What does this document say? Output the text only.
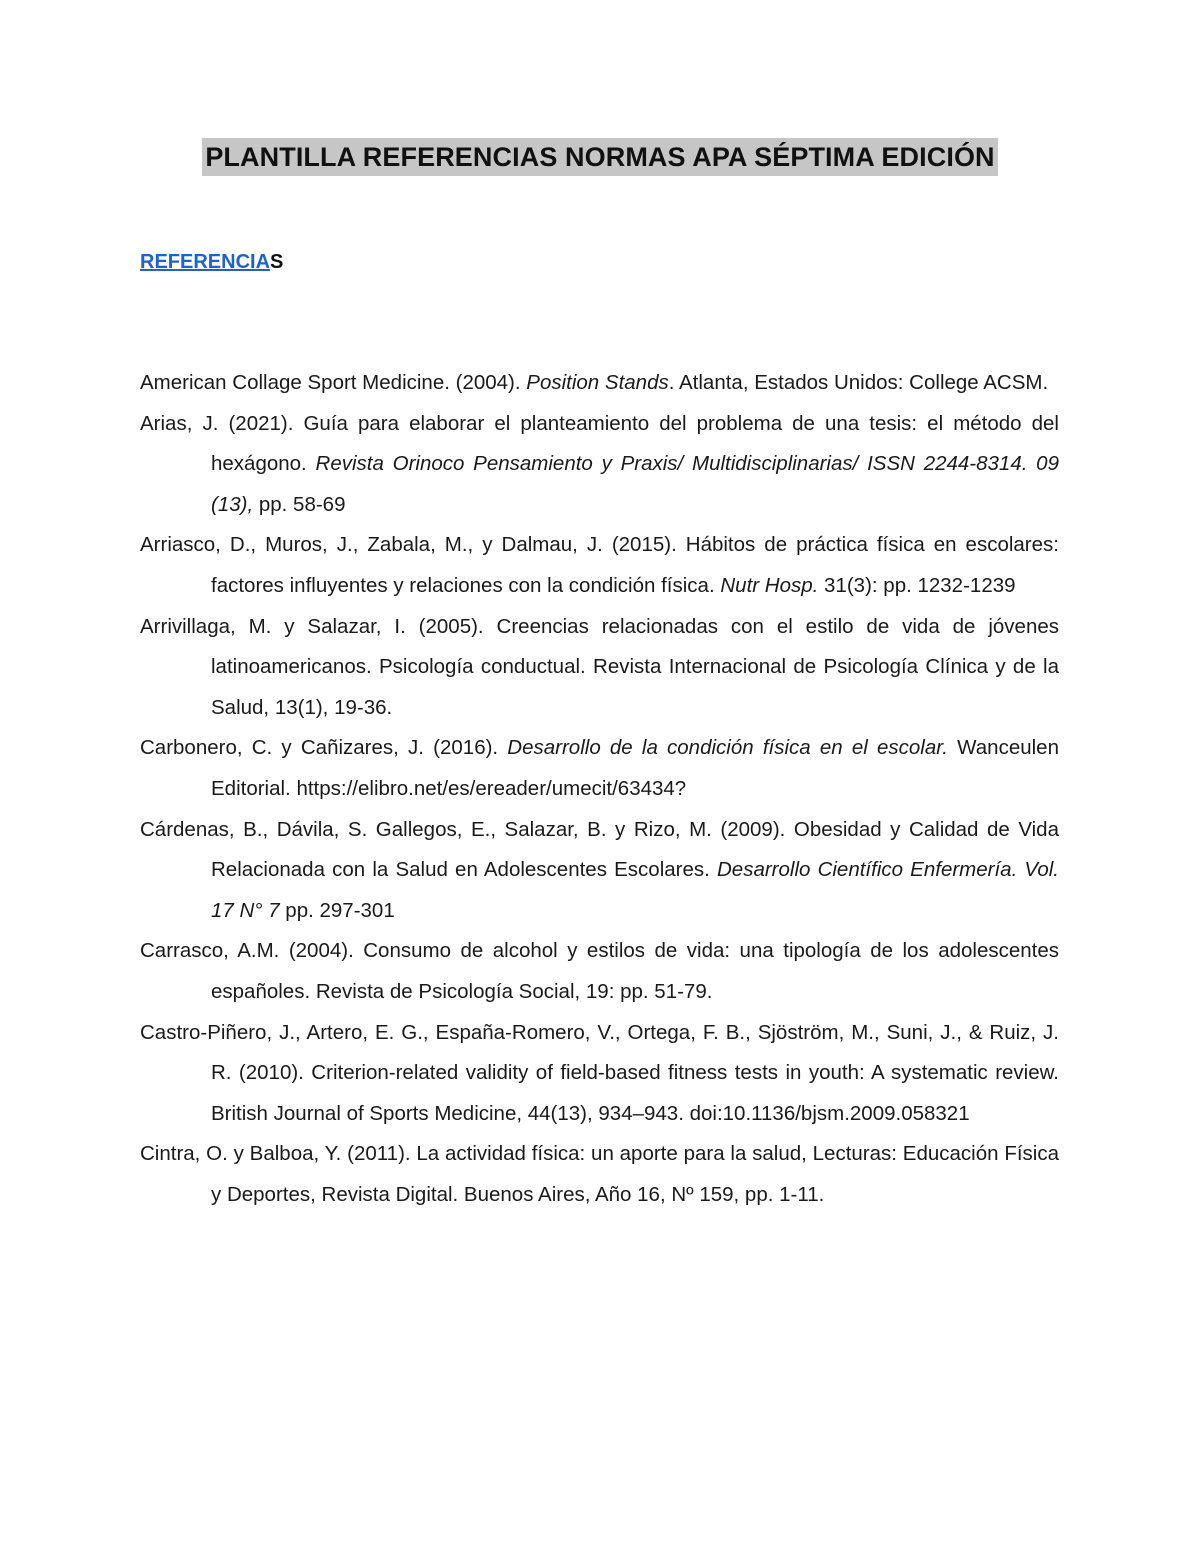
PLANTILLA REFERENCIAS NORMAS APA SÉPTIMA EDICIÓN
REFERENCIAS

American Collage Sport Medicine. (2004). Position Stands. Atlanta, Estados Unidos: College ACSM.

Arias, J. (2021). Guía para elaborar el planteamiento del problema de una tesis: el método del hexágono. Revista Orinoco Pensamiento y Praxis/ Multidisciplinarias/ ISSN 2244-8314. 09 (13), pp. 58-69

Arriasco, D., Muros, J., Zabala, M., y Dalmau, J. (2015). Hábitos de práctica física en escolares: factores influyentes y relaciones con la condición física. Nutr Hosp. 31(3): pp. 1232-1239

Arrivillaga, M. y Salazar, I. (2005). Creencias relacionadas con el estilo de vida de jóvenes latinoamericanos. Psicología conductual. Revista Internacional de Psicología Clínica y de la Salud, 13(1), 19-36.

Carbonero, C. y Cañizares, J. (2016). Desarrollo de la condición física en el escolar. Wanceulen Editorial. https://elibro.net/es/ereader/umecit/63434?

Cárdenas, B., Dávila, S. Gallegos, E., Salazar, B. y Rizo, M. (2009). Obesidad y Calidad de Vida Relacionada con la Salud en Adolescentes Escolares. Desarrollo Científico Enfermería. Vol. 17 N° 7 pp. 297-301

Carrasco, A.M. (2004). Consumo de alcohol y estilos de vida: una tipología de los adolescentes españoles. Revista de Psicología Social, 19: pp. 51-79.

Castro-Piñero, J., Artero, E. G., España-Romero, V., Ortega, F. B., Sjöström, M., Suni, J., & Ruiz, J. R. (2010). Criterion-related validity of field-based fitness tests in youth: A systematic review. British Journal of Sports Medicine, 44(13), 934–943. doi:10.1136/bjsm.2009.058321

Cintra, O. y Balboa, Y. (2011). La actividad física: un aporte para la salud, Lecturas: Educación Física y Deportes, Revista Digital. Buenos Aires, Año 16, Nº 159, pp. 1-11.
